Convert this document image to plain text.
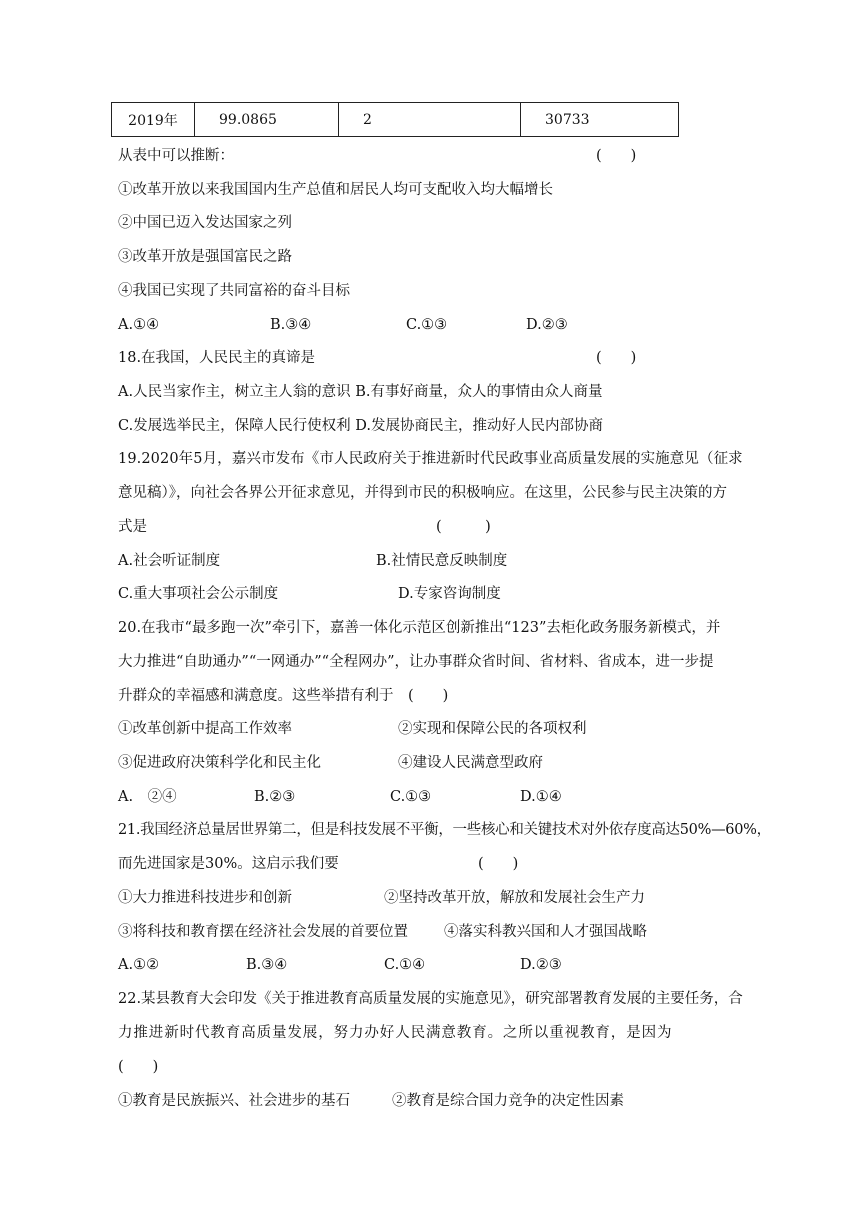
2019年	99.0865	2	30733
从表中可以推断：	(　　)
①改革开放以来我国国内生产总值和居民人均可支配收入均大幅增长
②中国已迈入发达国家之列
③改革开放是强国富民之路
④我国已实现了共同富裕的奋斗目标
A.①④	B.③④	C.①③	D.②③
18.在我国，人民民主的真谛是	(　　)
A.人民当家作主，树立主人翁的意识 B.有事好商量，众人的事情由众人商量
C.发展选举民主，保障人民行使权利 D.发展协商民主，推动好人民内部协商
19.2020年5月，嘉兴市发布《市人民政府关于推进新时代民政事业高质量发展的实施意见（征求
意见稿）》，向社会各界公开征求意见，并得到市民的积极响应。在这里，公民参与民主决策的方
式是	(　　　)
A.社会听证制度	B.社情民意反映制度
C.重大事项社会公示制度	D.专家咨询制度
20.在我市“最多跑一次”牵引下，嘉善一体化示范区创新推出“123”去柜化政务服务新模式，并
大力推进“自助通办”“一网通办”“全程网办”，让办事群众省时间、省材料、省成本，进一步提
升群众的幸福感和满意度。这些举措有利于　(　　)
①改革创新中提高工作效率	②实现和保障公民的各项权利
③促进政府决策科学化和民主化	④建设人民满意型政府
A.　②④	B.②③	C.①③	D.①④
21.我国经济总量居世界第二，但是科技发展不平衡，一些核心和关键技术对外依存度高达50%—60%，
而先进国家是30%。这启示我们要	(　　)
①大力推进科技进步和创新	②坚持改革开放，解放和发展社会生产力
③将科技和教育摆在经济社会发展的首要位置 ④落实科教兴国和人才强国战略
A.①②	B.③④	C.①④	D.②③
22.某县教育大会印发《关于推进教育高质量发展的实施意见》，研究部署教育发展的主要任务，合
力推进新时代教育高质量发展，努力办好人民满意教育。之所以重视教育，是因为
(　　)
①教育是民族振兴、社会进步的基石	②教育是综合国力竞争的决定性因素
